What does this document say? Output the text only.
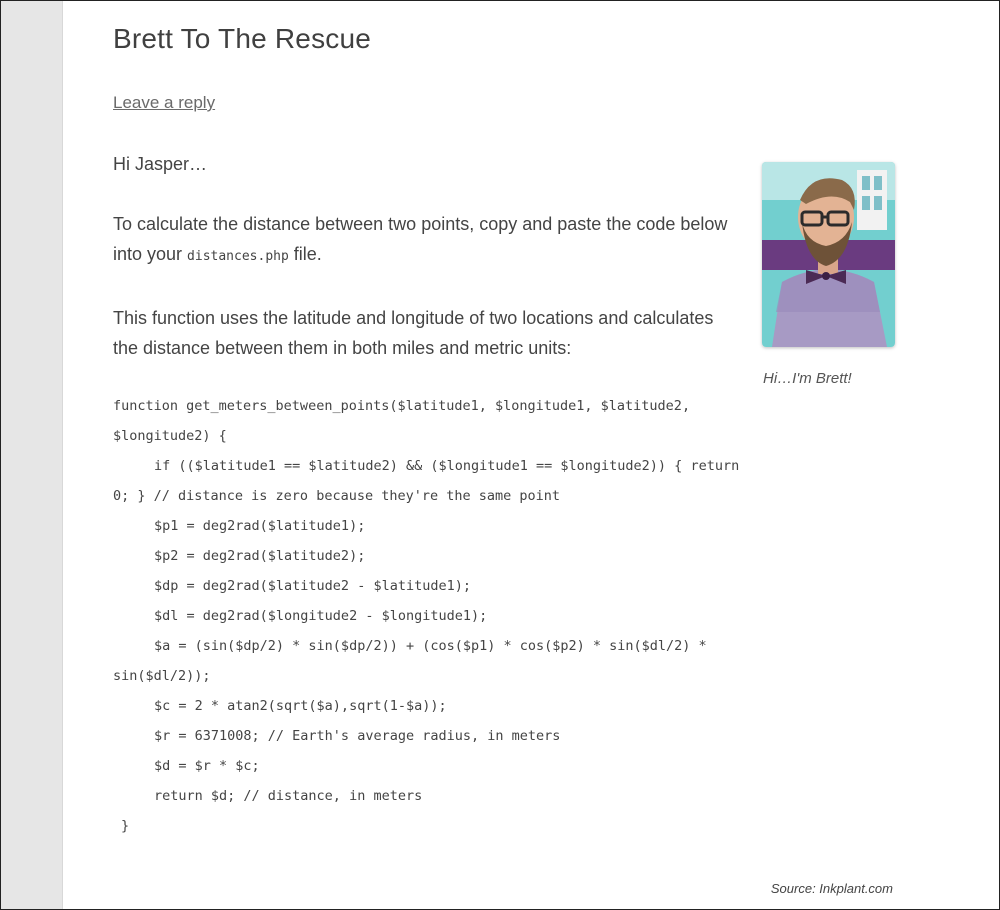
Brett To The Rescue
Leave a reply

Hi Jasper…

To calculate the distance between two points, copy and paste the code below into your distances.php file.

This function uses the latitude and longitude of two locations and calculates the distance between them in both miles and metric units:

function get_meters_between_points($latitude1, $longitude1, $latitude2, $longitude2) {
if (($latitude1 == $latitude2) && ($longitude1 == $longitude2)) { return 0; } // distance is zero because they're the same point
$p1 = deg2rad($latitude1);
$p2 = deg2rad($latitude2);
$dp = deg2rad($latitude2 - $latitude1);
$dl = deg2rad($longitude2 - $longitude1);
$a = (sin($dp/2) * sin($dp/2)) + (cos($p1) * cos($p2) * sin($dl/2) * sin($dl/2));
$c = 2 * atan2(sqrt($a),sqrt(1-$a));
$r = 6371008; // Earth's average radius, in meters
$d = $r * $c;
return $d; // distance, in meters
}
Hi…I'm Brett!
Source: Inkplant.com
